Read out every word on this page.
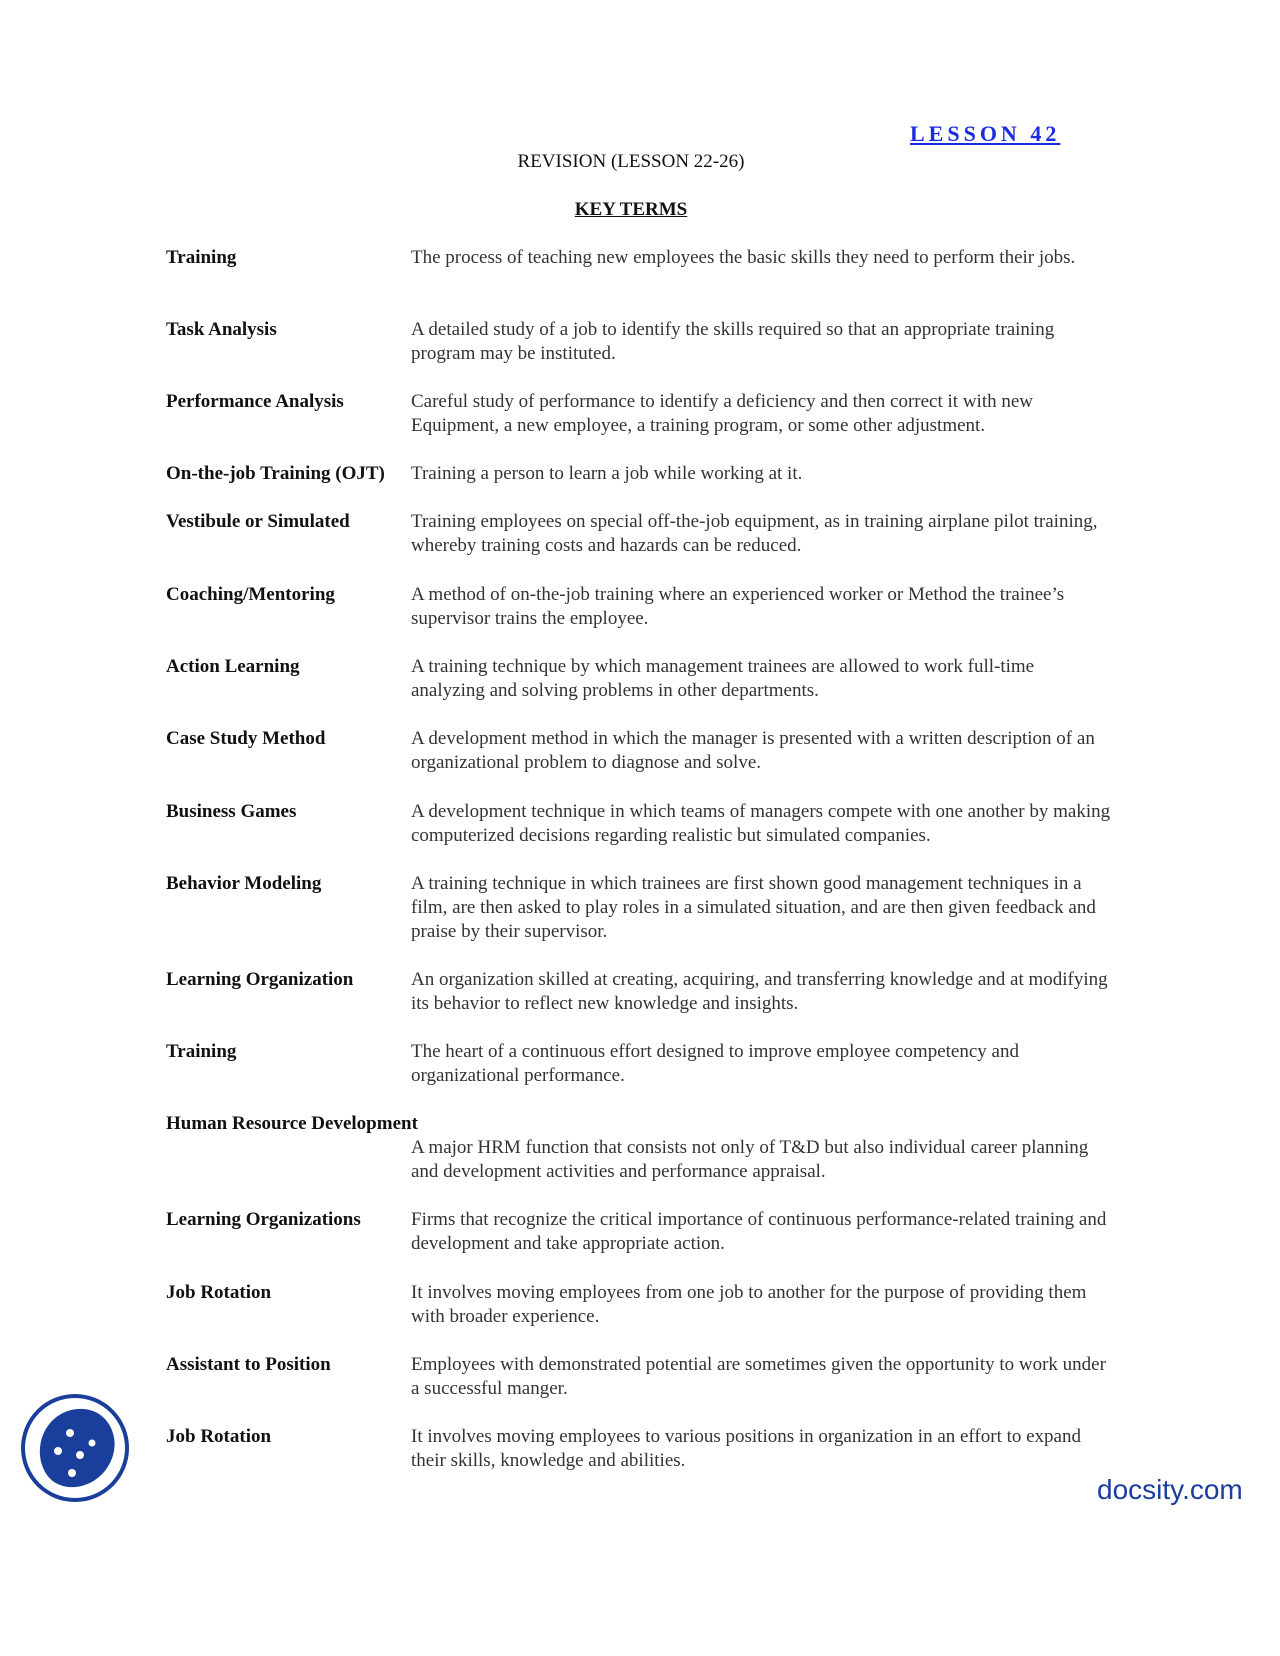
LESSON 42
REVISION (LESSON 22-26)
KEY TERMS
Training	The process of teaching new employees the basic skills they need to perform their jobs.
Task Analysis	A detailed study of a job to identify the skills required so that an appropriate training program may be instituted.
Performance Analysis	Careful study of performance to identify a deficiency and then correct it with new Equipment, a new employee, a training program, or some other adjustment.
On-the-job Training (OJT) Training a person to learn a job while working at it.
Vestibule or Simulated	Training employees on special off-the-job equipment, as in training airplane pilot training, whereby training costs and hazards can be reduced.
Coaching/Mentoring	A method of on-the-job training where an experienced worker or Method the trainee’s supervisor trains the employee.
Action Learning	A training technique by which management trainees are allowed to work full-time analyzing and solving problems in other departments.
Case Study Method	A development method in which the manager is presented with a written description of an organizational problem to diagnose and solve.
Business Games	A development technique in which teams of managers compete with one another by making computerized decisions regarding realistic but simulated companies.
Behavior Modeling	A training technique in which trainees are first shown good management techniques in a film, are then asked to play roles in a simulated situation, and are then given feedback and praise by their supervisor.
Learning Organization	An organization skilled at creating, acquiring, and transferring knowledge and at modifying its behavior to reflect new knowledge and insights.
Training	The heart of a continuous effort designed to improve employee competency and organizational performance.
Human Resource Development
A major HRM function that consists not only of T&D but also individual career planning and development activities and performance appraisal.
Learning Organizations	Firms that recognize the critical importance of continuous performance-related training and development and take appropriate action.
Job Rotation	It involves moving employees from one job to another for the purpose of providing them with broader experience.
Assistant to Position	Employees with demonstrated potential are sometimes given the opportunity to work under a successful manger.
Job Rotation	It involves moving employees to various positions in organization in an effort to expand their skills, knowledge and abilities.
docsity.com
